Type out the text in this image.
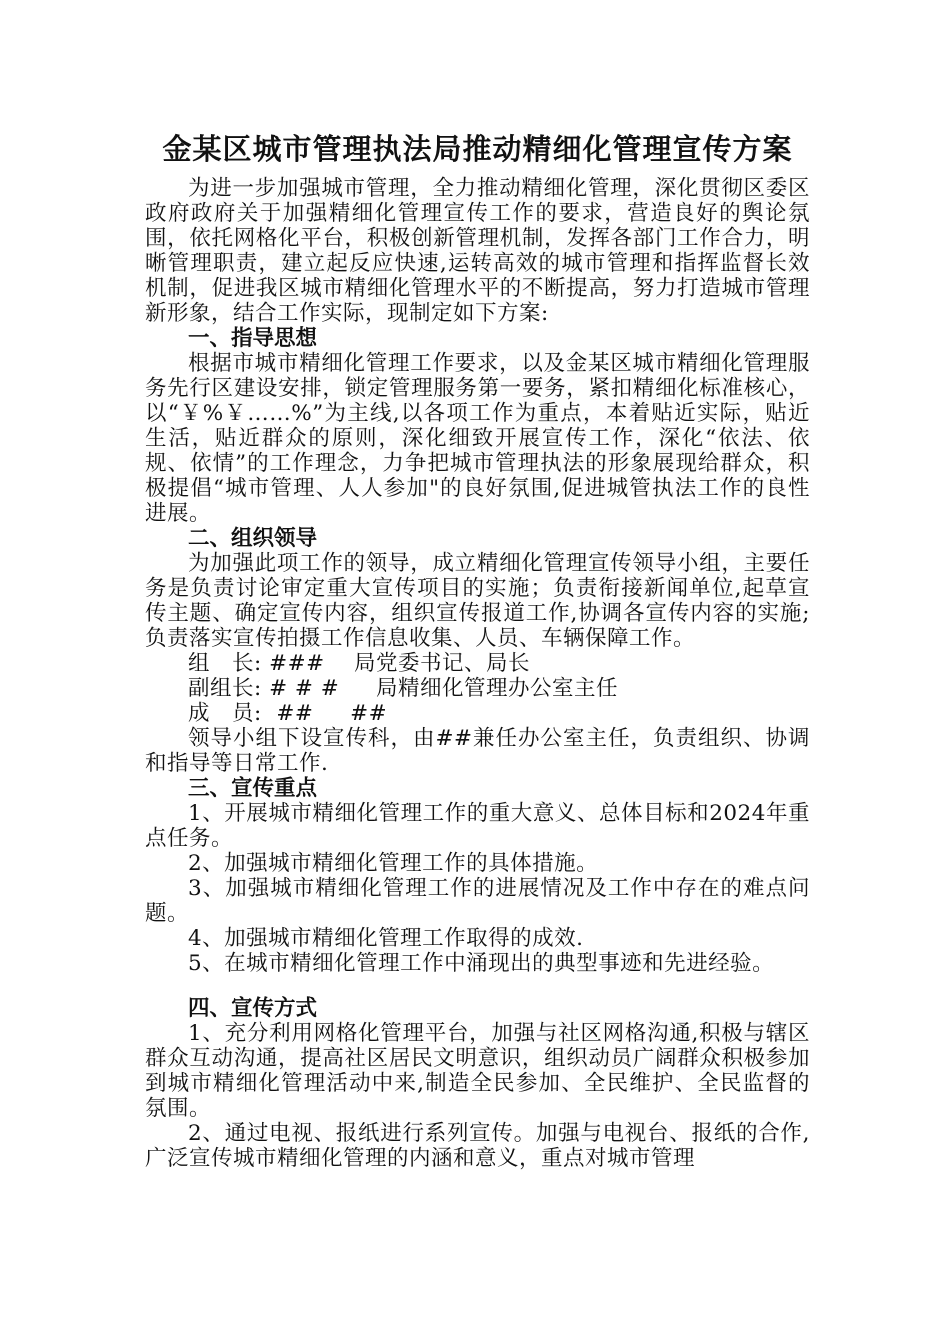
金某区城市管理执法局推动精细化管理宣传方案

为进一步加强城市管理，全力推动精细化管理，深化贯彻区委区政府政府关于加强精细化管理宣传工作的要求，营造良好的舆论氛围，依托网格化平台，积极创新管理机制，发挥各部门工作合力，明晰管理职责，建立起反应快速,运转高效的城市管理和指挥监督长效机制，促进我区城市精细化管理水平的不断提高，努力打造城市管理新形象，结合工作实际，现制定如下方案:

一、指导思想

根据市城市精细化管理工作要求，以及金某区城市精细化管理服务先行区建设安排，锁定管理服务第一要务，紧扣精细化标准核心，以“￥%￥……%”为主线,以各项工作为重点，本着贴近实际，贴近生活，贴近群众的原则，深化细致开展宣传工作，深化“依法、依规、依情”的工作理念，力争把城市管理执法的形象展现给群众，积极提倡“城市管理、人人参加"的良好氛围,促进城管执法工作的良性进展。

二、组织领导

为加强此项工作的领导，成立精细化管理宣传领导小组，主要任务是负责讨论审定重大宣传项目的实施；负责衔接新闻单位,起草宣传主题、确定宣传内容，组织宣传报道工作,协调各宣传内容的实施;负责落实宣传拍摄工作信息收集、人员、车辆保障工作。

组　长: ###　 局党委书记、局长

副组长: # # #　  局精细化管理办公室主任

成　员:  ##　  ##

领导小组下设宣传科，由##兼任办公室主任，负责组织、协调和指导等日常工作.

三、宣传重点

1、开展城市精细化管理工作的重大意义、总体目标和2024年重点任务。

2、加强城市精细化管理工作的具体措施。

3、加强城市精细化管理工作的进展情况及工作中存在的难点问题。

4、加强城市精细化管理工作取得的成效.

5、在城市精细化管理工作中涌现出的典型事迹和先进经验。

四、宣传方式

1、充分利用网格化管理平台，加强与社区网格沟通,积极与辖区群众互动沟通，提高社区居民文明意识，组织动员广阔群众积极参加到城市精细化管理活动中来,制造全民参加、全民维护、全民监督的氛围。

2、通过电视、报纸进行系列宣传。加强与电视台、报纸的合作,广泛宣传城市精细化管理的内涵和意义，重点对城市管理
